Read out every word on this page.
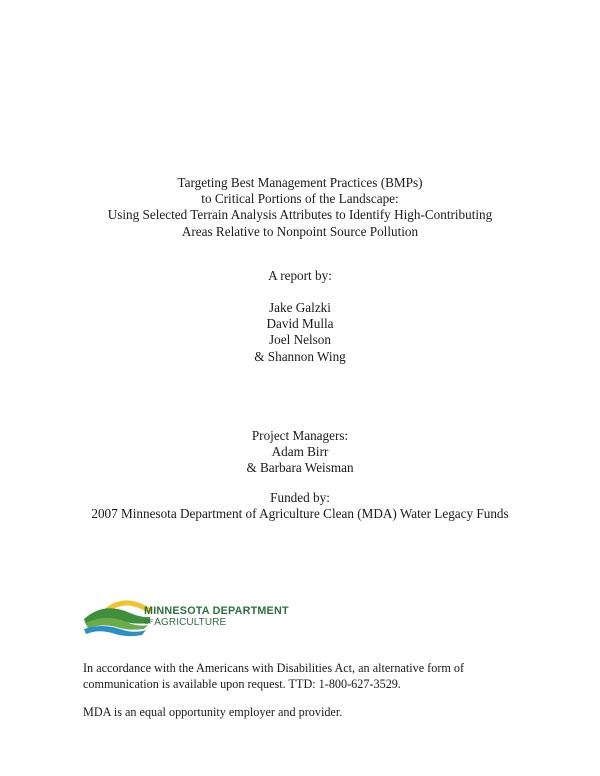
Targeting Best Management Practices (BMPs)
to Critical Portions of the Landscape:
Using Selected Terrain Analysis Attributes to Identify High-Contributing
Areas Relative to Nonpoint Source Pollution
A report by:
Jake Galzki
David Mulla
Joel Nelson
& Shannon Wing
Project Managers:
Adam Birr
& Barbara Weisman
Funded by:
2007 Minnesota Department of Agriculture Clean (MDA) Water Legacy Funds
MINNESOTA DEPARTMENT
OFAGRICULTURE
In accordance with the Americans with Disabilities Act, an alternative form of
communication is available upon request. TTD: 1-800-627-3529.
MDA is an equal opportunity employer and provider.
